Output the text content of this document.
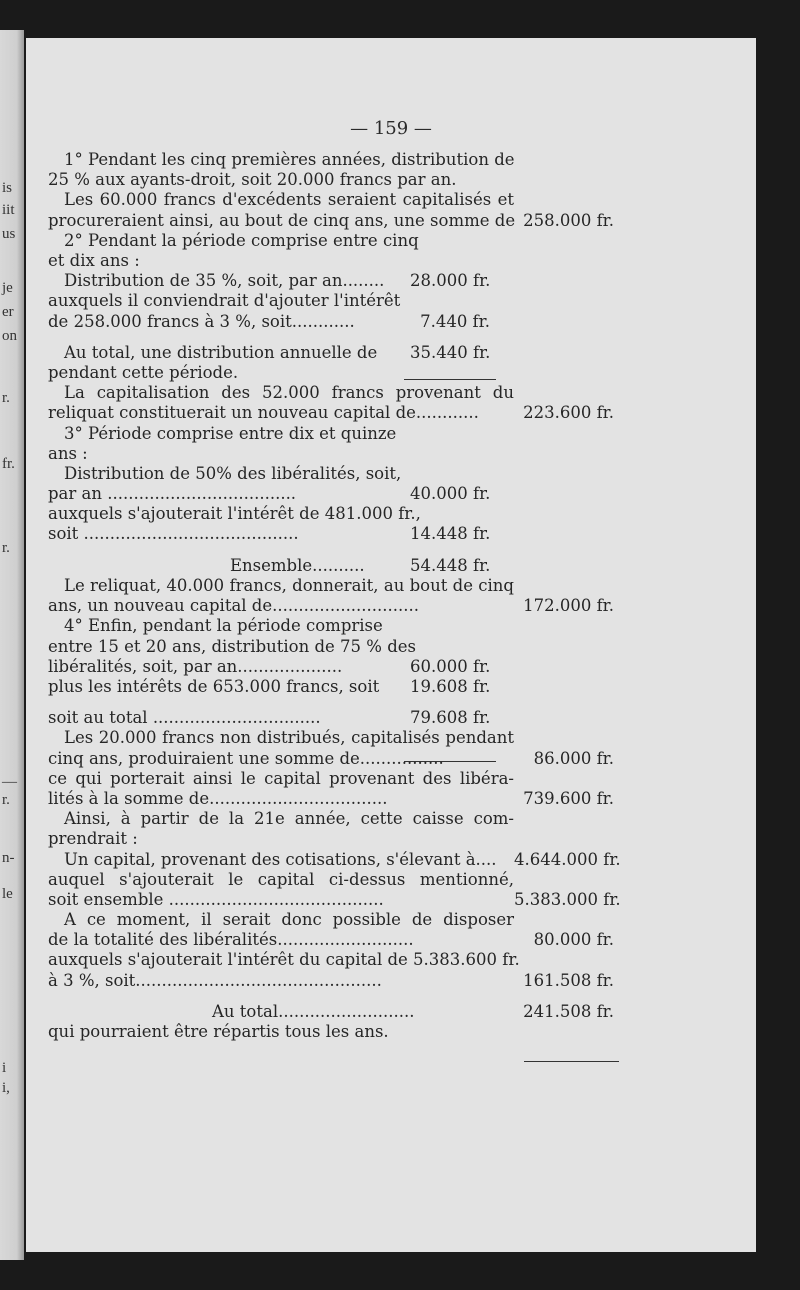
is
iit
us
je
er
on
r.
fr.
r.
—
r.
n-
le
i
i,
— 159 —
1° Pendant les cinq premières années, distribution de
25 % aux ayants-droit, soit 20.000 francs par an.
Les 60.000 francs d'excédents seraient capitalisés et
procureraient ainsi, au bout de cinq ans, une somme de 258.000 fr.
2° Pendant la période comprise entre cinq
et dix ans :
Distribution de 35 %, soit, par an........ 28.000 fr.
auxquels il conviendrait d'ajouter l'intérêt
de 258.000 francs à 3 %, soit............	7.440 fr.
Au total, une distribution annuelle de 35.440 fr.
pendant cette période.
La capitalisation des 52.000 francs provenant du
reliquat constituerait un nouveau capital de............	223.600 fr.
3° Période comprise entre dix et quinze
ans :
Distribution de 50% des libéralités, soit,
par an ....................................	40.000 fr.
auxquels s'ajouterait l'intérêt de 481.000 fr.,
soit .........................................	14.448 fr.
Ensemble..........	54.448 fr.
Le reliquat, 40.000 francs, donnerait, au bout de cinq
ans, un nouveau capital de............................	172.000 fr.
4° Enfin, pendant la période comprise
entre 15 et 20 ans, distribution de 75 % des
libéralités, soit, par an....................	60.000 fr.
plus les intérêts de 653.000 francs, soit 19.608 fr.
soit au total ................................	79.608 fr.
Les 20.000 francs non distribués, capitalisés pendant
cinq ans, produiraient une somme de................	86.000 fr.
ce qui porterait ainsi le capital provenant des libéra-
lités à la somme de..................................	739.600 fr.
Ainsi, à partir de la 21e année, cette caisse com-
prendrait :
Un capital, provenant des cotisations, s'élevant à.... 4.644.000 fr.
auquel s'ajouterait le capital ci-dessus mentionné,
soit ensemble .........................................	5.383.000 fr.
A ce moment, il serait donc possible de disposer
de la totalité des libéralités..........................	80.000 fr.
auxquels s'ajouterait l'intérêt du capital de 5.383.600 fr.
à 3 %, soit...............................................	161.508 fr.
Au total..........................	241.508 fr.
qui pourraient être répartis tous les ans.
